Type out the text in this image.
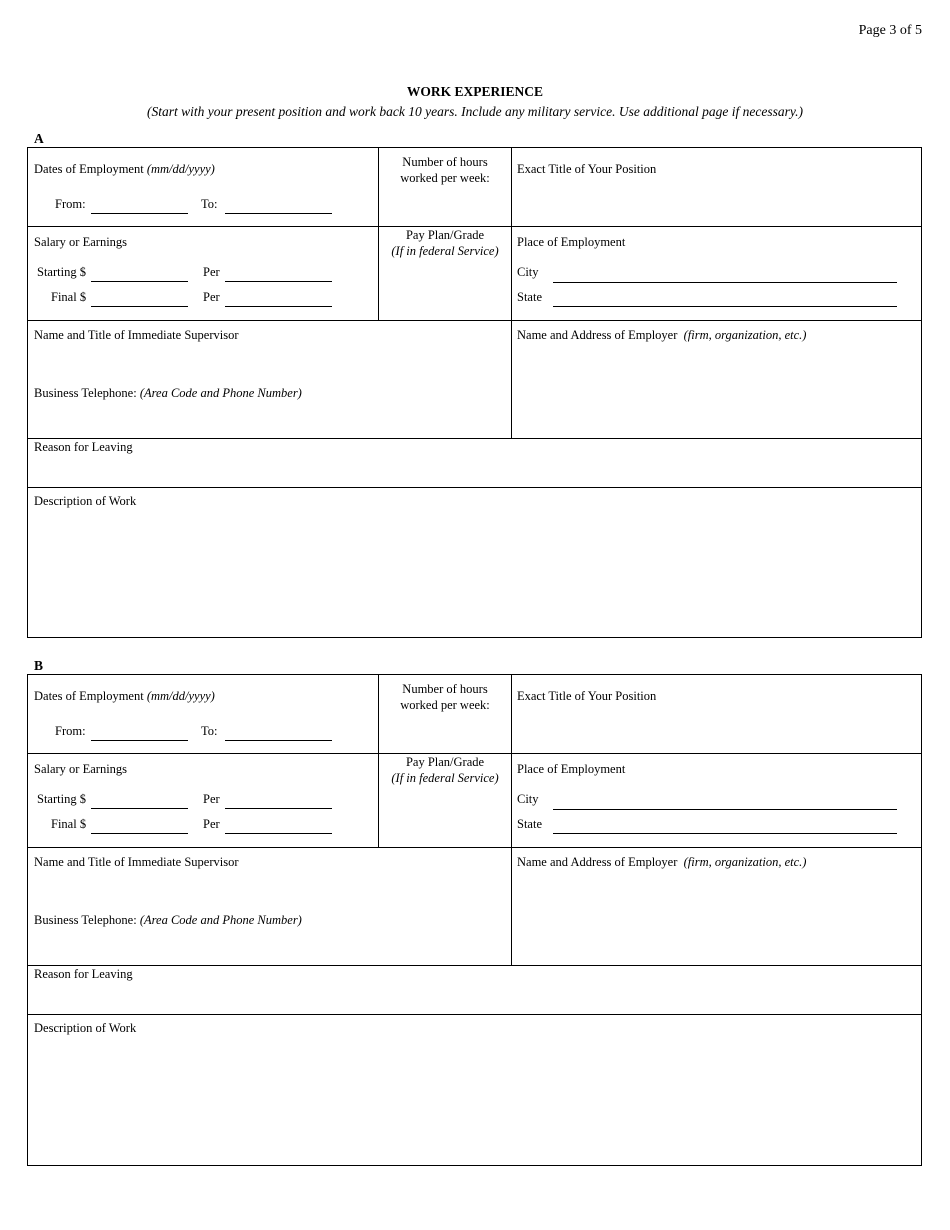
Page 3 of 5
WORK EXPERIENCE
(Start with your present position and work back 10 years. Include any military service. Use additional page if necessary.)
A
Dates of Employment (mm/dd/yyyy)
From:	To:
Number of hours
worked per week:
Exact Title of Your Position
Salary or Earnings
Starting $	Per
Final $	Per
Pay Plan/Grade
(If in federal Service)
Place of Employment
City
State
Name and Title of Immediate Supervisor
Business Telephone: (Area Code and Phone Number)
Name and Address of Employer (firm, organization, etc.)
Reason for Leaving
Description of Work
B
Dates of Employment (mm/dd/yyyy)
From:	To:
Number of hours
worked per week:
Exact Title of Your Position
Salary or Earnings
Starting $	Per
Final $	Per
Pay Plan/Grade
(If in federal Service)
Place of Employment
City
State
Name and Title of Immediate Supervisor
Business Telephone: (Area Code and Phone Number)
Name and Address of Employer (firm, organization, etc.)
Reason for Leaving
Description of Work
